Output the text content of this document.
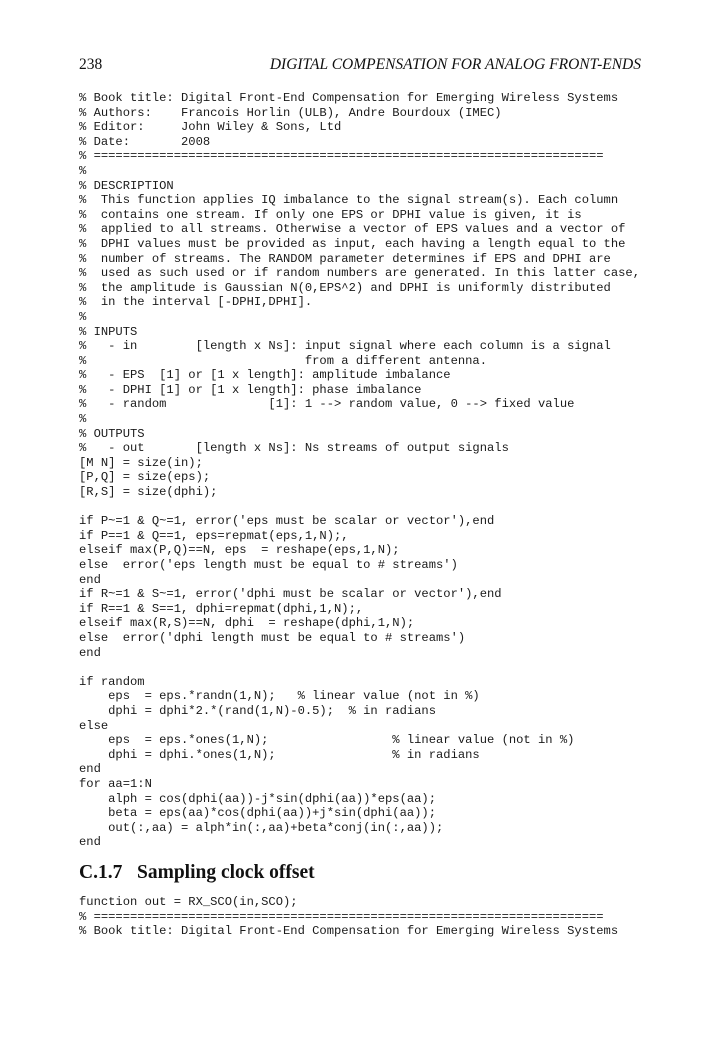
238	DIGITAL COMPENSATION FOR ANALOG FRONT-ENDS
% Book title: Digital Front-End Compensation for Emerging Wireless Systems
% Authors:    Francois Horlin (ULB), Andre Bourdoux (IMEC)
% Editor:     John Wiley & Sons, Ltd
% Date:       2008
% ======================================================================
%
% DESCRIPTION
%  This function applies IQ imbalance to the signal stream(s). Each column
%  contains one stream. If only one EPS or DPHI value is given, it is
%  applied to all streams. Otherwise a vector of EPS values and a vector of
%  DPHI values must be provided as input, each having a length equal to the
%  number of streams. The RANDOM parameter determines if EPS and DPHI are
%  used as such used or if random numbers are generated. In this latter case,
%  the amplitude is Gaussian N(0,EPS^2) and DPHI is uniformly distributed
%  in the interval [-DPHI,DPHI].
%
% INPUTS
%   - in        [length x Ns]: input signal where each column is a signal
%                              from a different antenna.
%   - EPS  [1] or [1 x length]: amplitude imbalance
%   - DPHI [1] or [1 x length]: phase imbalance
%   - random              [1]: 1 --> random value, 0 --> fixed value
%
% OUTPUTS
%   - out       [length x Ns]: Ns streams of output signals
[M N] = size(in);
[P,Q] = size(eps);
[R,S] = size(dphi);

if P~=1 & Q~=1, error('eps must be scalar or vector'),end
if P==1 & Q==1, eps=repmat(eps,1,N);,
elseif max(P,Q)==N, eps  = reshape(eps,1,N);
else  error('eps length must be equal to # streams')
end
if R~=1 & S~=1, error('dphi must be scalar or vector'),end
if R==1 & S==1, dphi=repmat(dphi,1,N);,
elseif max(R,S)==N, dphi  = reshape(dphi,1,N);
else  error('dphi length must be equal to # streams')
end

if random
eps  = eps.*randn(1,N);   % linear value (not in %)
dphi = dphi*2.*(rand(1,N)-0.5);  % in radians
else
eps  = eps.*ones(1,N);                 % linear value (not in %)
dphi = dphi.*ones(1,N);                % in radians
end
for aa=1:N
alph = cos(dphi(aa))-j*sin(dphi(aa))*eps(aa);
beta = eps(aa)*cos(dphi(aa))+j*sin(dphi(aa));
out(:,aa) = alph*in(:,aa)+beta*conj(in(:,aa));
end
C.1.7 Sampling clock offset
function out = RX_SCO(in,SCO);
% ======================================================================
% Book title: Digital Front-End Compensation for Emerging Wireless Systems
